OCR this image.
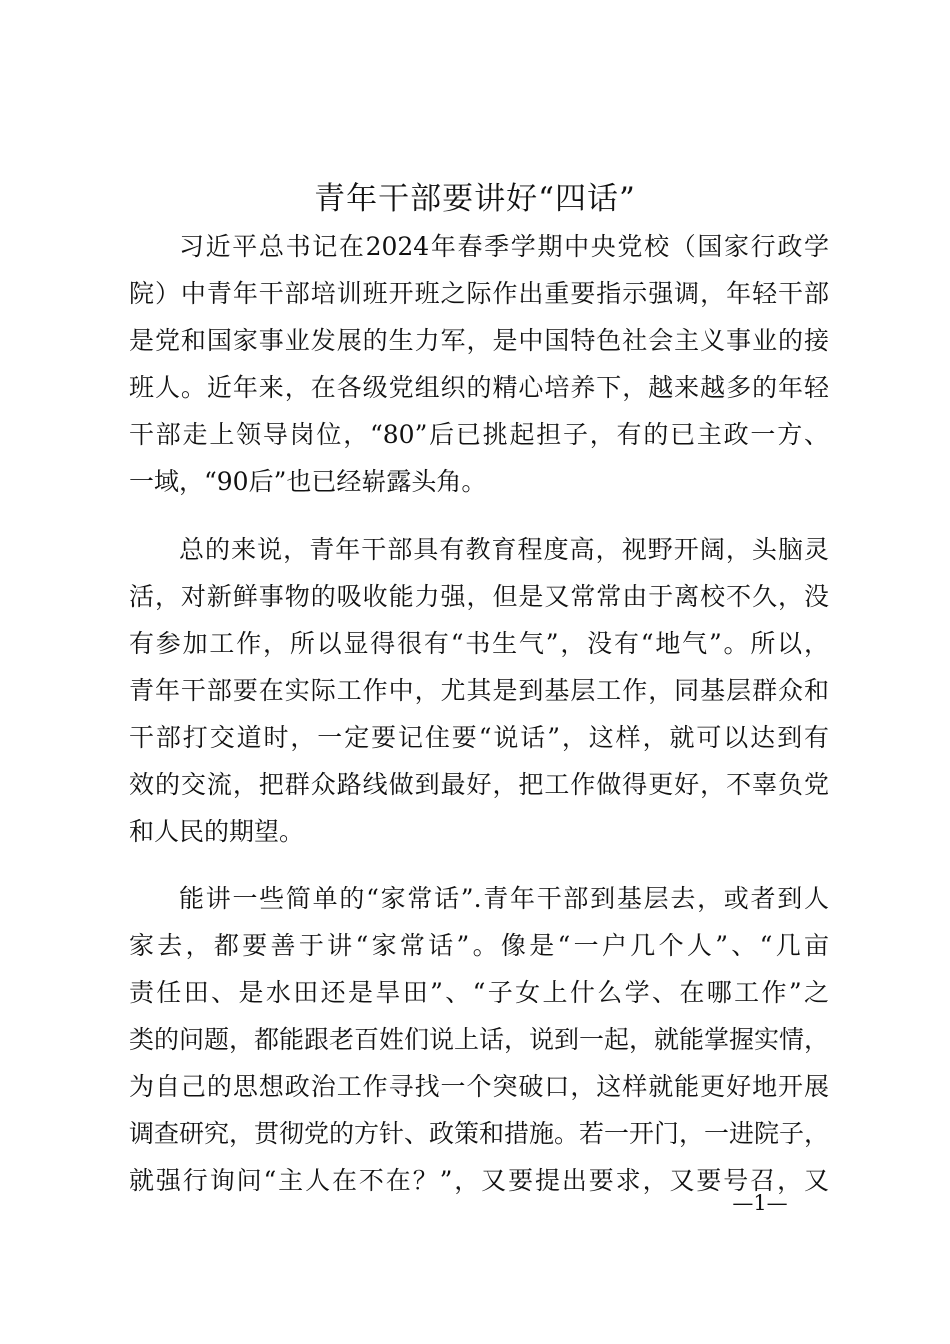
青年干部要讲好“四话”
习近平总书记在2024年春季学期中央党校（国家行政学
院）中青年干部培训班开班之际作出重要指示强调，年轻干部
是党和国家事业发展的生力军，是中国特色社会主义事业的接
班人。近年来，在各级党组织的精心培养下，越来越多的年轻
干部走上领导岗位，“80”后已挑起担子，有的已主政一方、
一域，“90后”也已经崭露头角。
总的来说，青年干部具有教育程度高，视野开阔，头脑灵
活，对新鲜事物的吸收能力强，但是又常常由于离校不久，没
有参加工作，所以显得很有“书生气”，没有“地气”。所以，
青年干部要在实际工作中，尤其是到基层工作，同基层群众和
干部打交道时，一定要记住要“说话”，这样，就可以达到有
效的交流，把群众路线做到最好，把工作做得更好，不辜负党
和人民的期望。
能讲一些简单的“家常话”.青年干部到基层去，或者到人
家去，都要善于讲“家常话”。像是“一户几个人”、“几亩
责任田、是水田还是旱田”、“子女上什么学、在哪工作”之
类的问题，都能跟老百姓们说上话，说到一起，就能掌握实情，
为自己的思想政治工作寻找一个突破口，这样就能更好地开展
调查研究，贯彻党的方针、政策和措施。若一开门，一进院子，
就强行询问“主人在不在？”，又要提出要求，又要号召，又
—1—
